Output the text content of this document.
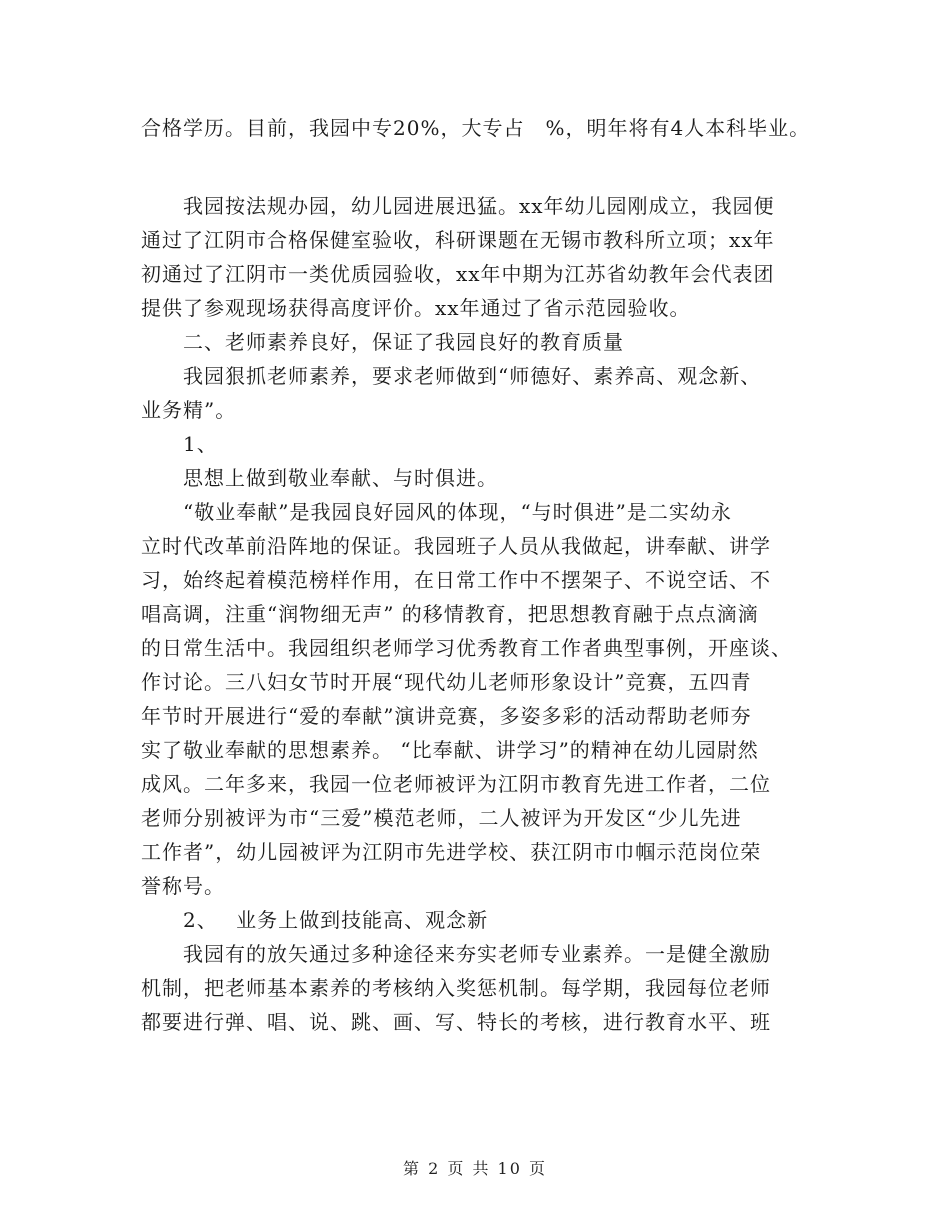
合格学历。目前，我园中专20%，大专占　%，明年将有4人本科毕业。
　　我园按法规办园，幼儿园进展迅猛。xx年幼儿园刚成立，我园便
通过了江阴市合格保健室验收，科研课题在无锡市教科所立项；xx年
初通过了江阴市一类优质园验收，xx年中期为江苏省幼教年会代表团
提供了参观现场获得高度评价。xx年通过了省示范园验收。
　　二、老师素养良好，保证了我园良好的教育质量
　　我园狠抓老师素养，要求老师做到“师德好、素养高、观念新、
业务精”。
　　1、
　　思想上做到敬业奉献、与时俱进。
　　“敬业奉献”是我园良好园风的体现，“与时俱进”是二实幼永
立时代改革前沿阵地的保证。我园班子人员从我做起，讲奉献、讲学
习，始终起着模范榜样作用，在日常工作中不摆架子、不说空话、不
唱高调，注重“润物细无声” 的移情教育，把思想教育融于点点滴滴
的日常生活中。我园组织老师学习优秀教育工作者典型事例，开座谈、
作讨论。三八妇女节时开展“现代幼儿老师形象设计”竞赛，五四青
年节时开展进行“爱的奉献”演讲竞赛，多姿多彩的活动帮助老师夯
实了敬业奉献的思想素养。 “比奉献、讲学习”的精神在幼儿园尉然
成风。二年多来，我园一位老师被评为江阴市教育先进工作者，二位
老师分别被评为市“三爱”模范老师，二人被评为开发区“少儿先进
工作者”，幼儿园被评为江阴市先进学校、获江阴市巾帼示范岗位荣
誉称号。
　　2、　 业务上做到技能高、观念新
　　我园有的放矢通过多种途径来夯实老师专业素养。一是健全激励
机制，把老师基本素养的考核纳入奖惩机制。每学期，我园每位老师
都要进行弹、唱、说、跳、画、写、特长的考核，进行教育水平、班
第 2 页 共 10 页
